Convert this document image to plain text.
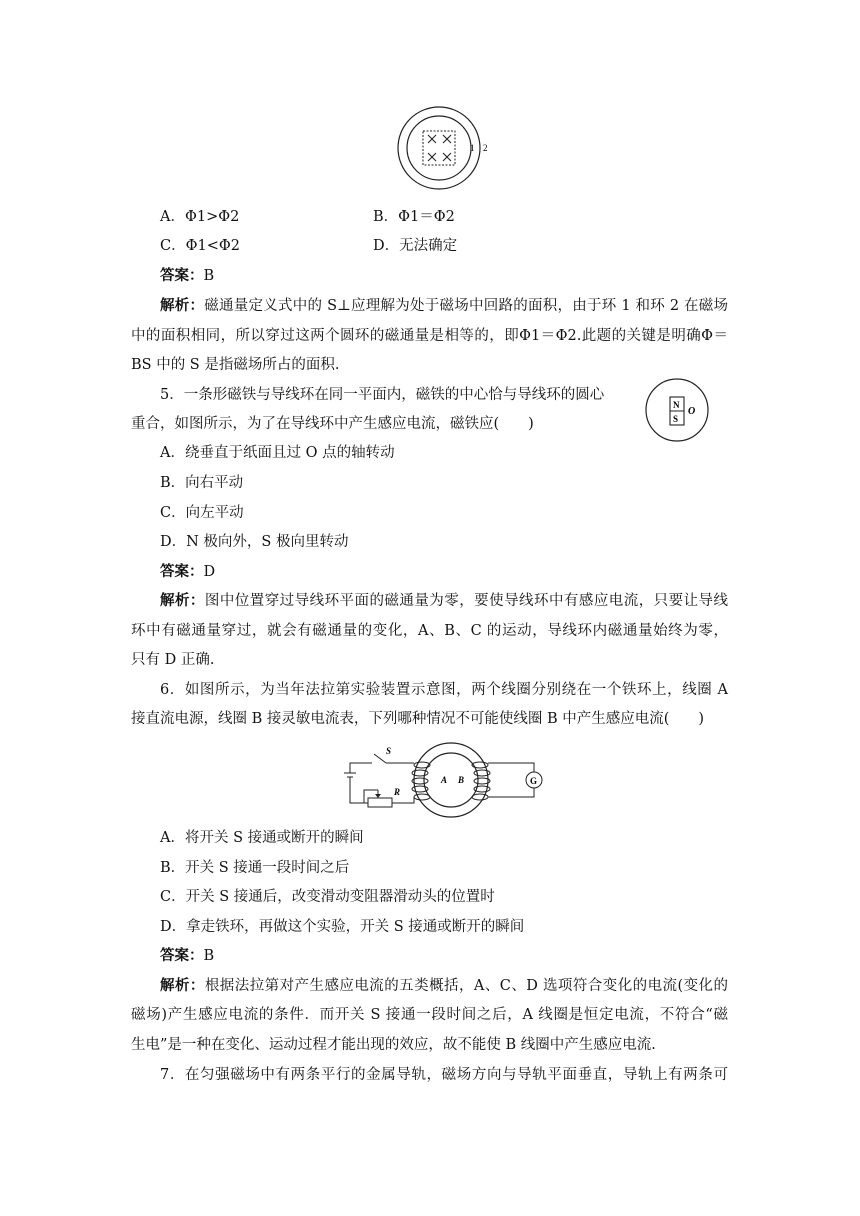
1 2
A．Φ1>Φ2	B．Φ1＝Φ2
C．Φ1<Φ2	D．无法确定
答案：B
解析：磁通量定义式中的 S⊥应理解为处于磁场中回路的面积，由于环 1 和环 2 在磁场
中的面积相同，所以穿过这两个圆环的磁通量是相等的，即Φ1＝Φ2.此题的关键是明确Φ＝
BS 中的 S 是指磁场所占的面积.
5．一条形磁铁与导线环在同一平面内，磁铁的中心恰与导线环的圆心
重合，如图所示，为了在导线环中产生感应电流，磁铁应(　　)
N
S
O
A．绕垂直于纸面且过 O 点的轴转动
B．向右平动
C．向左平动
D．N 极向外，S 极向里转动
答案：D
解析：图中位置穿过导线环平面的磁通量为零，要使导线环中有感应电流，只要让导线
环中有磁通量穿过，就会有磁通量的变化，A、B、C 的运动，导线环内磁通量始终为零，
只有 D 正确.
6．如图所示，为当年法拉第实验装置示意图，两个线圈分别绕在一个铁环上，线圈 A
接直流电源，线圈 B 接灵敏电流表，下列哪种情况不可能使线圈 B 中产生感应电流(　　)
S
R
A B	G
A．将开关 S 接通或断开的瞬间
B．开关 S 接通一段时间之后
C．开关 S 接通后，改变滑动变阻器滑动头的位置时
D．拿走铁环，再做这个实验，开关 S 接通或断开的瞬间
答案：B
解析：根据法拉第对产生感应电流的五类概括，A、C、D 选项符合变化的电流(变化的
磁场)产生感应电流的条件．而开关 S 接通一段时间之后，A 线圈是恒定电流，不符合“磁
生电”是一种在变化、运动过程才能出现的效应，故不能使 B 线圈中产生感应电流.
7．在匀强磁场中有两条平行的金属导轨，磁场方向与导轨平面垂直，导轨上有两条可
